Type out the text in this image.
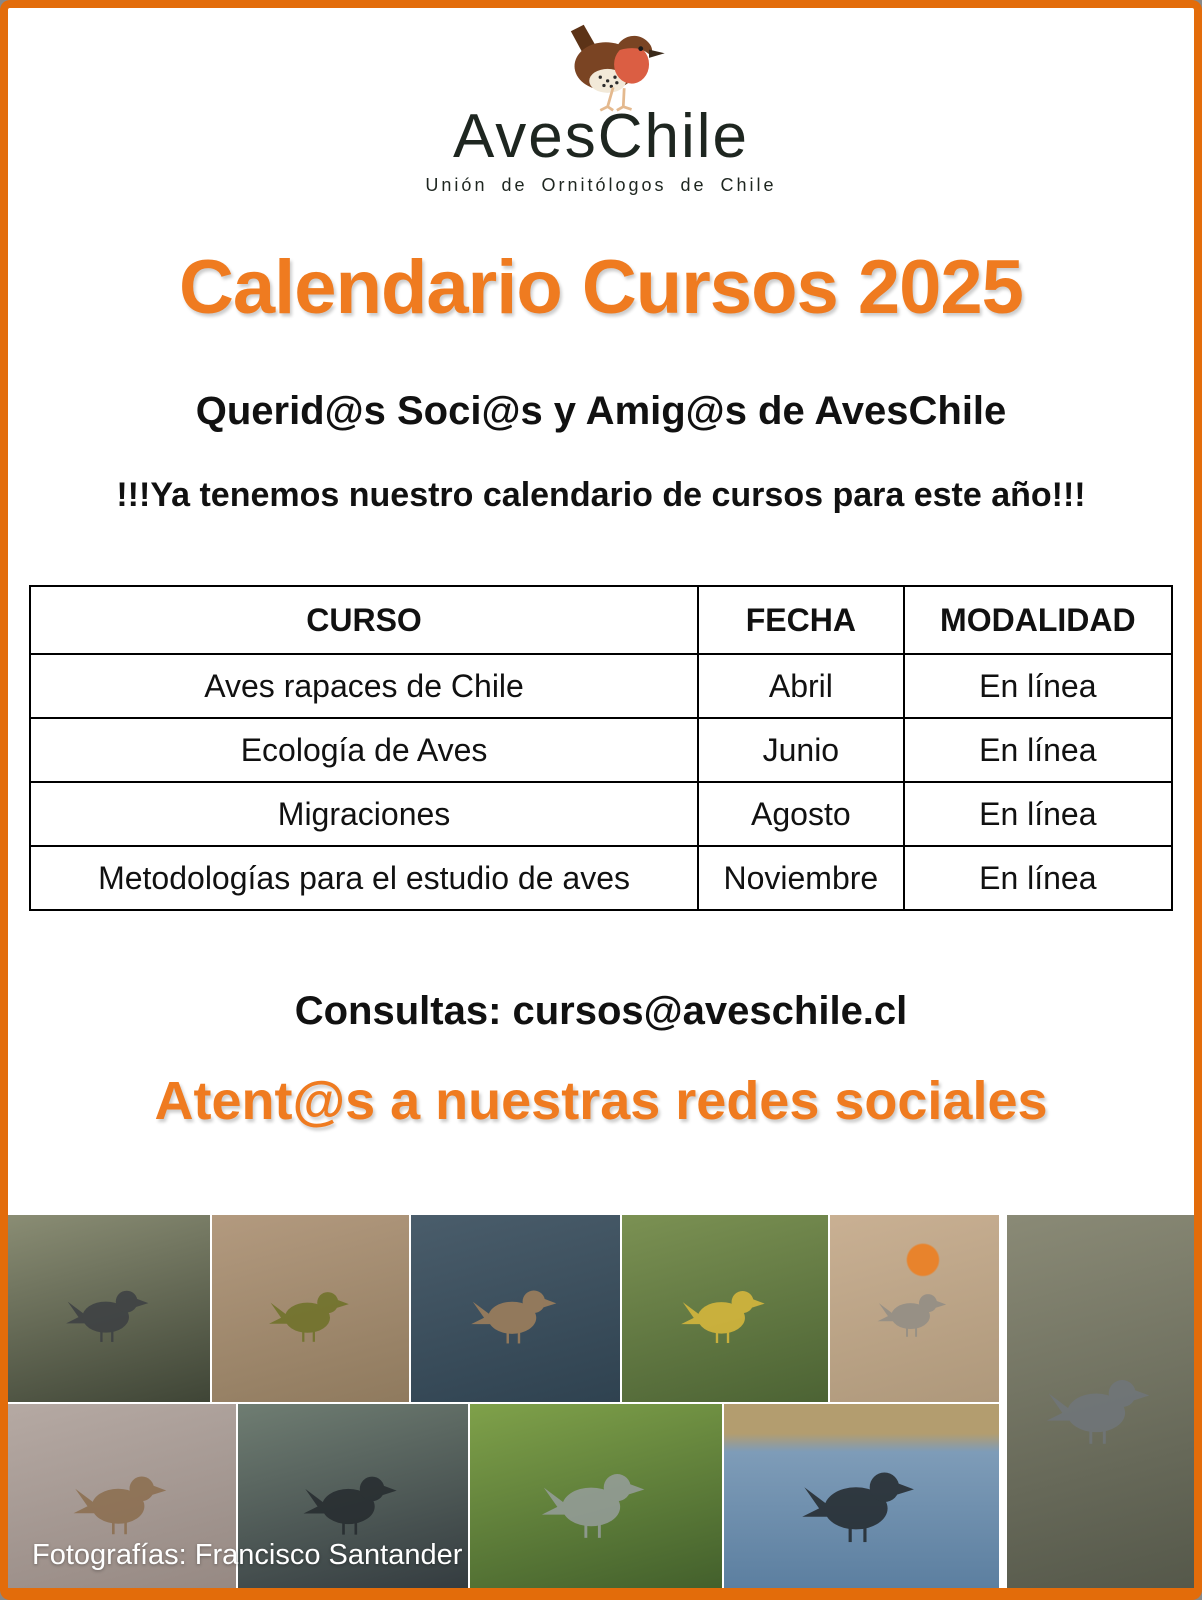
AvesChile
Unión de Ornitólogos de Chile
Calendario Cursos 2025
Querid@s Soci@s y Amig@s de AvesChile
!!!Ya tenemos nuestro calendario de cursos para este año!!!
CURSO	FECHA	MODALIDAD
Aves rapaces de Chile	Abril	En línea
Ecología de Aves	Junio	En línea
Migraciones	Agosto	En línea
Metodologías para el estudio de aves	Noviembre	En línea
Consultas: cursos@aveschile.cl
Atent@s a nuestras redes sociales
Fotografías: Francisco Santander
